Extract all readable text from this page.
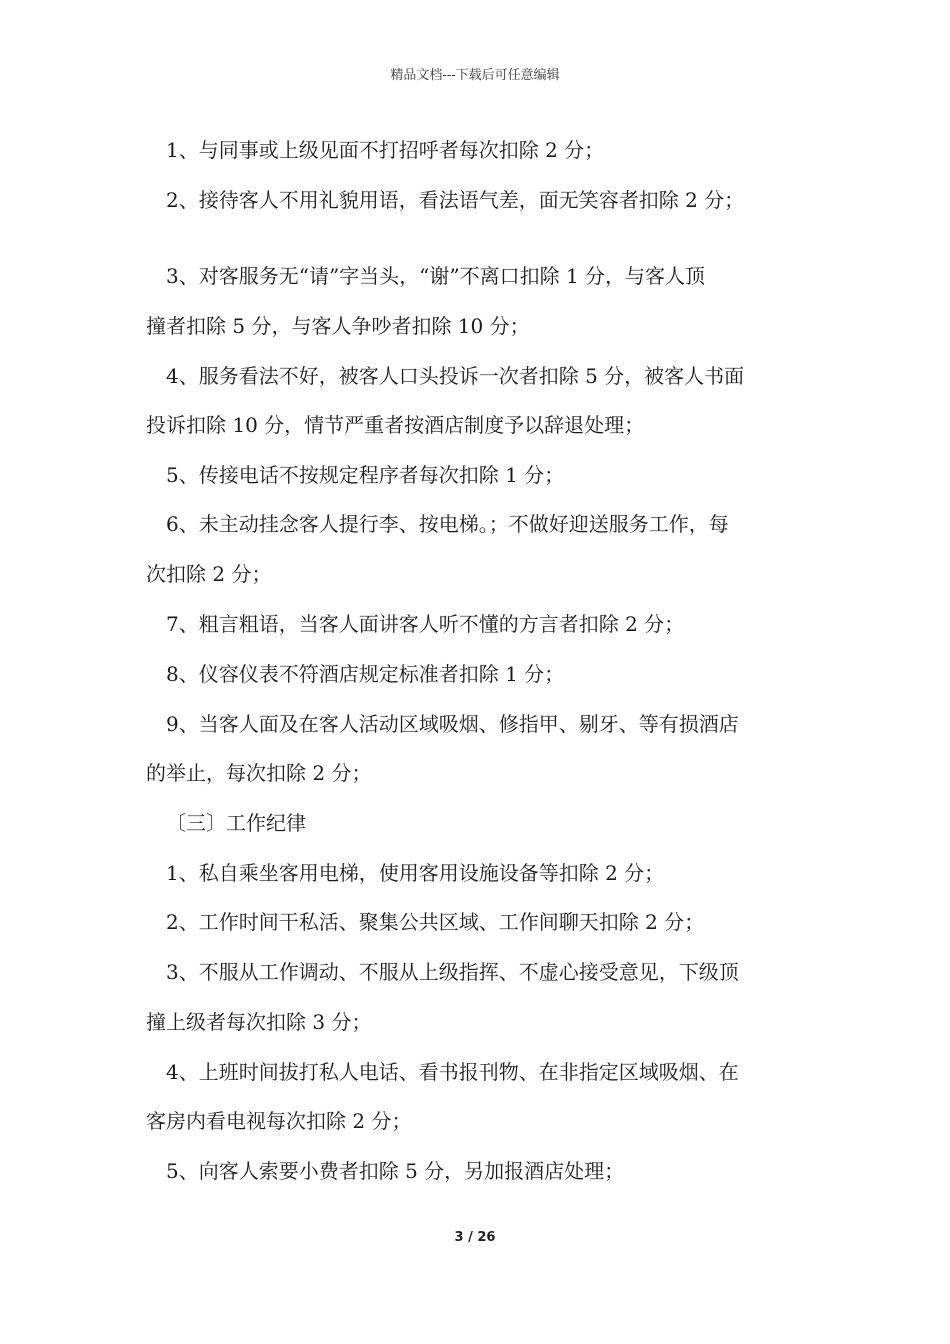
精品文档---下载后可任意编辑
1、与同事或上级见面不打招呼者每次扣除 2 分；
2、接待客人不用礼貌用语，看法语气差，面无笑容者扣除 2 分；
3、对客服务无“请”字当头，“谢”不离口扣除 1 分，与客人顶
撞者扣除 5 分，与客人争吵者扣除 10 分；
4、服务看法不好，被客人口头投诉一次者扣除 5 分，被客人书面
投诉扣除 10 分，情节严重者按酒店制度予以辞退处理；
5、传接电话不按规定程序者每次扣除 1 分；
6、未主动挂念客人提行李、按电梯。；不做好迎送服务工作，每
次扣除 2 分；
7、粗言粗语，当客人面讲客人听不懂的方言者扣除 2 分；
8、仪容仪表不符酒店规定标准者扣除 1 分；
9、当客人面及在客人活动区域吸烟、修指甲、剔牙、等有损酒店
的举止，每次扣除 2 分；
〔三〕工作纪律
1、私自乘坐客用电梯，使用客用设施设备等扣除 2 分；
2、工作时间干私活、聚集公共区域、工作间聊天扣除 2 分；
3、不服从工作调动、不服从上级指挥、不虚心接受意见，下级顶
撞上级者每次扣除 3 分；
4、上班时间拔打私人电话、看书报刊物、在非指定区域吸烟、在
客房内看电视每次扣除 2 分；
5、向客人索要小费者扣除 5 分，另加报酒店处理；
3 / 26
